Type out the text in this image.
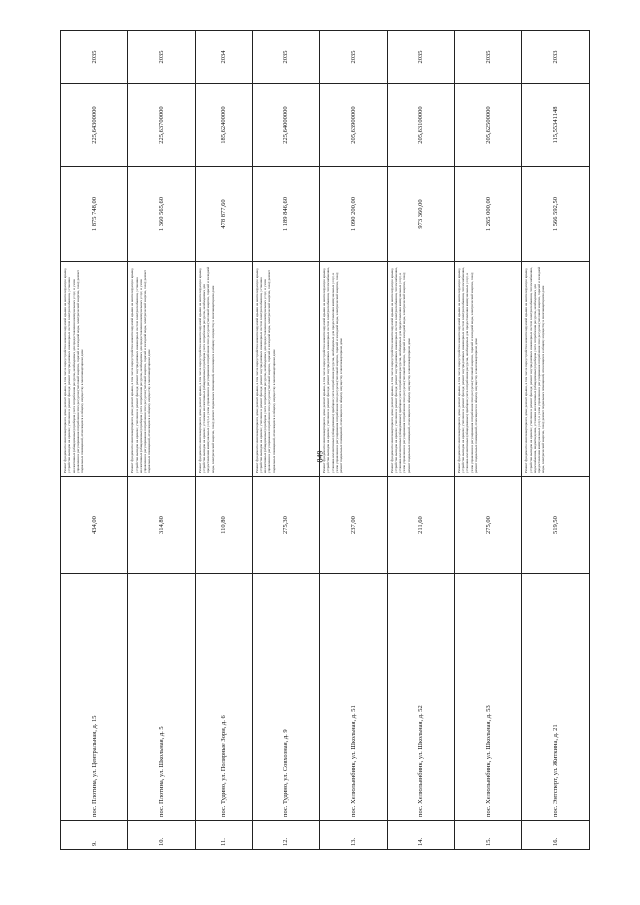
849
9.	пос. Плотина, ул. Центральная, д. 15	434,00	Ремонт фундамента многоквартирного дома; ремонт крыши, в том числе переустройство невентилируемой крыши на вентилируемую крышу, устройство выходов на кровлю; утепление и ремонт фасада; ремонт внутридомовых инженерных систем электроснабжения, установка коллективных (общедомовых) приборов учета потребления ресурсов, необходимых для предоставления коммунальных услуг, и узлов управления и регулирования потребления этих ресурсов (тепловой энергии, горячей и холодной воды, электрической энергии, газа); ремонт подвальных помещений, относящихся к общему имуществу в многоквартирном доме	1 875 748,00	225,64300000	2035
10.	пос. Плотина, ул. Школьная, д. 5	314,80	Ремонт фундамента многоквартирного дома; ремонт крыши, в том числе переустройство невентилируемой крыши на вентилируемую крышу, устройство выходов на кровлю; утепление и ремонт фасада; ремонт внутридомовых инженерных систем электроснабжения, установка коллективных (общедомовых) приборов учета потребления ресурсов, необходимых для предоставления коммунальных услуг, и узлов управления и регулирования потребления этих ресурсов (тепловой энергии, горячей и холодной воды, электрической энергии, газа); ремонт подвальных помещений, относящихся к общему имуществу в многоквартирном доме	1 360 565,60	225,63700000	2035
11.	пос. Тудино, ул. Полярные Зори, д. 6	110,80	Ремонт фундамента многоквартирного дома; ремонт крыши, в том числе переустройство невентилируемой крыши на вентилируемую крышу, устройство выходов на кровлю; установка коллективных (общедомовых) приборов учета потребления ресурсов, необходимых для предоставления коммунальных услуг, и узлов управления и регулирования потребления этих ресурсов (тепловой энергии, горячей и холодной воды, электрической энергии, газа); ремонт подвальных помещений, относящихся к общему имуществу в многоквартирном доме	478 877,60	185,62400000	2034
12.	пос. Тудино, ул. Совхозная, д. 9	275,30	Ремонт фундамента многоквартирного дома; ремонт крыши, в том числе переустройство невентилируемой крыши на вентилируемую крышу, устройство выходов на кровлю; утепление и ремонт фасада; ремонт внутридомовых инженерных систем электроснабжения, установка коллективных (общедомовых) приборов учета потребления ресурсов, необходимых для предоставления коммунальных услуг, и узлов управления и регулирования потребления этих ресурсов (тепловой энергии, горячей и холодной воды, электрической энергии, газа); ремонт подвальных помещений, относящихся к общему имуществу в многоквартирном доме	1 189 846,60	225,64000000	2035
13.	пос. Хелюльянбинк, ул. Школьная, д. 51	237,00	Ремонт фундамента многоквартирного дома; ремонт крыши, в том числе переустройство невентилируемой крыши на вентилируемую крышу, устройство выходов на кровлю; утепление и ремонт фасада; ремонт внутридомовых инженерных систем электроснабжения, теплоснабжения, установка коллективных (общедомовых) приборов учета потребления ресурсов, необходимых для предоставления коммунальных услуг, и узлов управления и регулирования потребления этих ресурсов (тепловой энергии, горячей и холодной воды, электрической энергии, газа); ремонт подвальных помещений, относящихся к общему имуществу в многоквартирном доме	1 090 200,00	205,63900000	2035
14.	пос. Хелюльянбинк, ул. Школьная, д. 52	211,60	Ремонт фундамента многоквартирного дома; ремонт крыши, в том числе переустройство невентилируемой крыши на вентилируемую крышу, устройство выходов на кровлю; утепление и ремонт фасада; ремонт внутридомовых инженерных систем электроснабжения, теплоснабжения, установка коллективных (общедомовых) приборов учета потребления ресурсов, необходимых для предоставления коммунальных услуг, и узлов управления и регулирования потребления этих ресурсов (тепловой энергии, горячей и холодной воды, электрической энергии, газа); ремонт подвальных помещений, относящихся к общему имуществу в многоквартирном доме	973 360,00	205,63100000	2035
15.	пос. Хелюльянбинк, ул. Школьная, д. 53	275,00	Ремонт фундамента многоквартирного дома; ремонт крыши, в том числе переустройство невентилируемой крыши на вентилируемую крышу, устройство выходов на кровлю; утепление и ремонт фасада; ремонт внутридомовых инженерных систем электроснабжения, теплоснабжения, установка коллективных (общедомовых) приборов учета потребления ресурсов, необходимых для предоставления коммунальных услуг, и узлов управления и регулирования потребления этих ресурсов (тепловой энергии, горячей и холодной воды, электрической энергии, газа); ремонт подвальных помещений, относящихся к общему имуществу в многоквартирном доме	1 265 000,00	205,62500000	2035
16.	пос. Энтсперт, ул. Житкина, д. 21	519,50	Ремонт фундамента многоквартирного дома; ремонт крыши, в том числе переустройство невентилируемой крыши на вентилируемую крышу, устройство выходов на кровлю; утепление и ремонт фасада; ремонт внутридомовых инженерных систем электроснабжения, теплоснабжения, водоснабжения, водоотведения, установка коллективных (общедомовых) приборов учета потребления ресурсов, необходимых для предоставления коммунальных услуг, и узлов управления и регулирования потребления этих ресурсов (тепловой энергии, горячей и холодной воды, электрической энергии, газа); ремонт подвальных помещений, относящихся к общему имуществу в многоквартирном доме	1 566 592,50	115,55341148	2033
